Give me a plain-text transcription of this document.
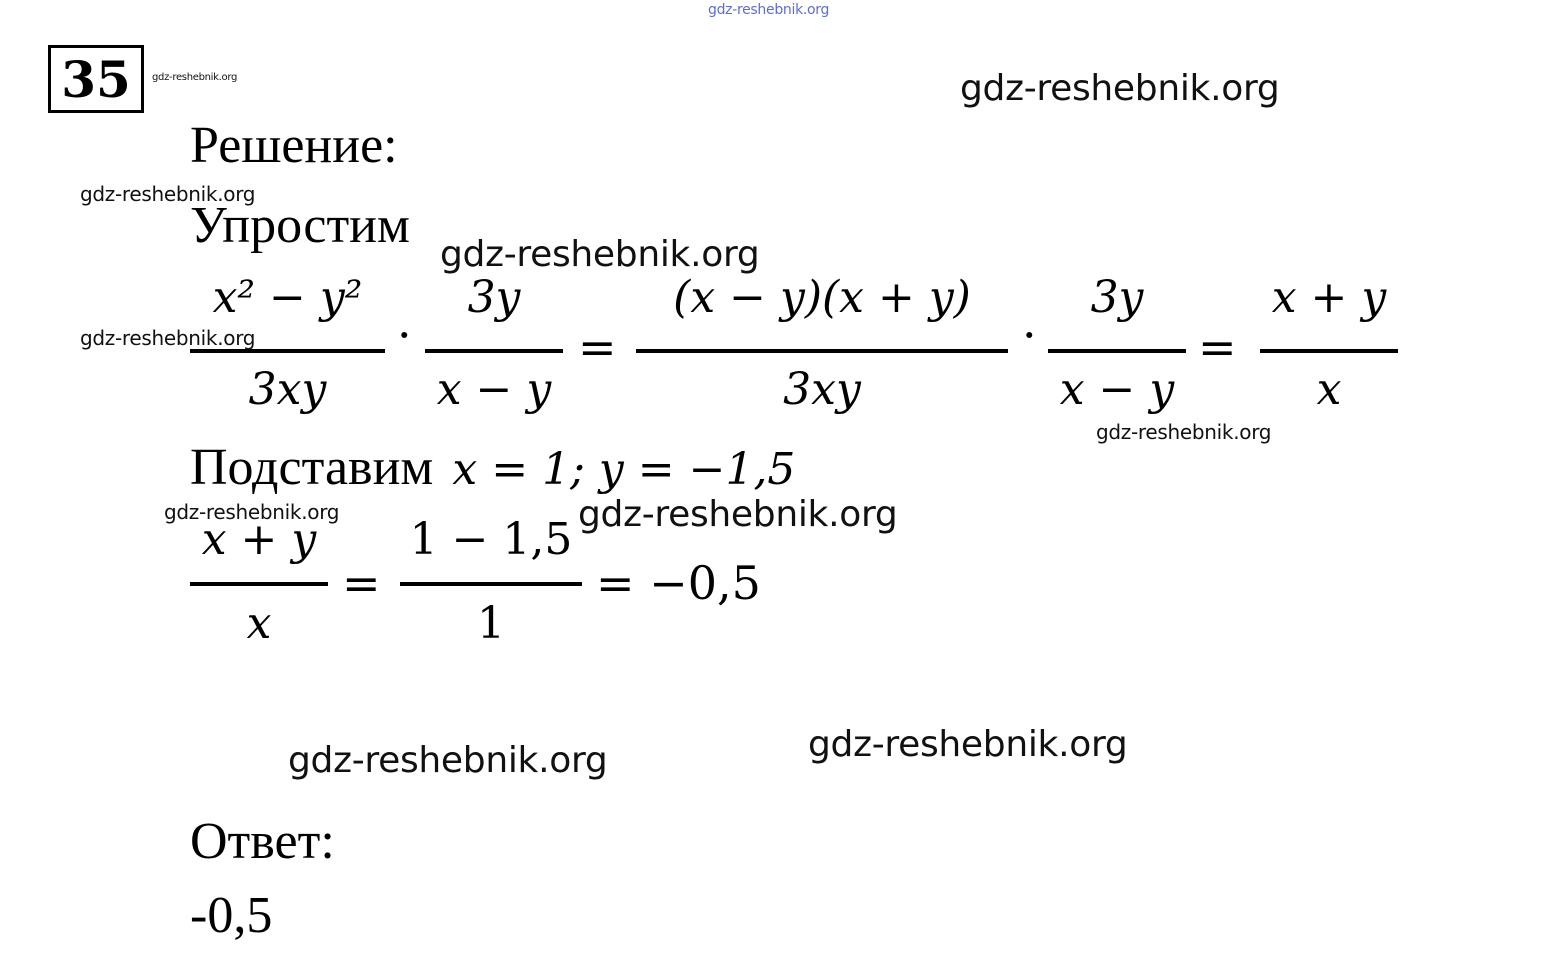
gdz-reshebnik.org
35 gdz-reshebnik.org	gdz-reshebnik.org
Решение:
gdz-reshebnik.org
Упростим
gdz-reshebnik.org
x² − y²
3xy
·
3y
x − y
=
(x − y)(x + y)
3xy
·
3y
x − y
=
x + y
x
gdz-reshebnik.org
gdz-reshebnik.org
Подставим x = 1; y = −1,5
gdz-reshebnik.org	gdz-reshebnik.org
x + y
x
=
1 − 1,5
1
= −0,5
gdz-reshebnik.org	gdz-reshebnik.org
Ответ:
-0,5
